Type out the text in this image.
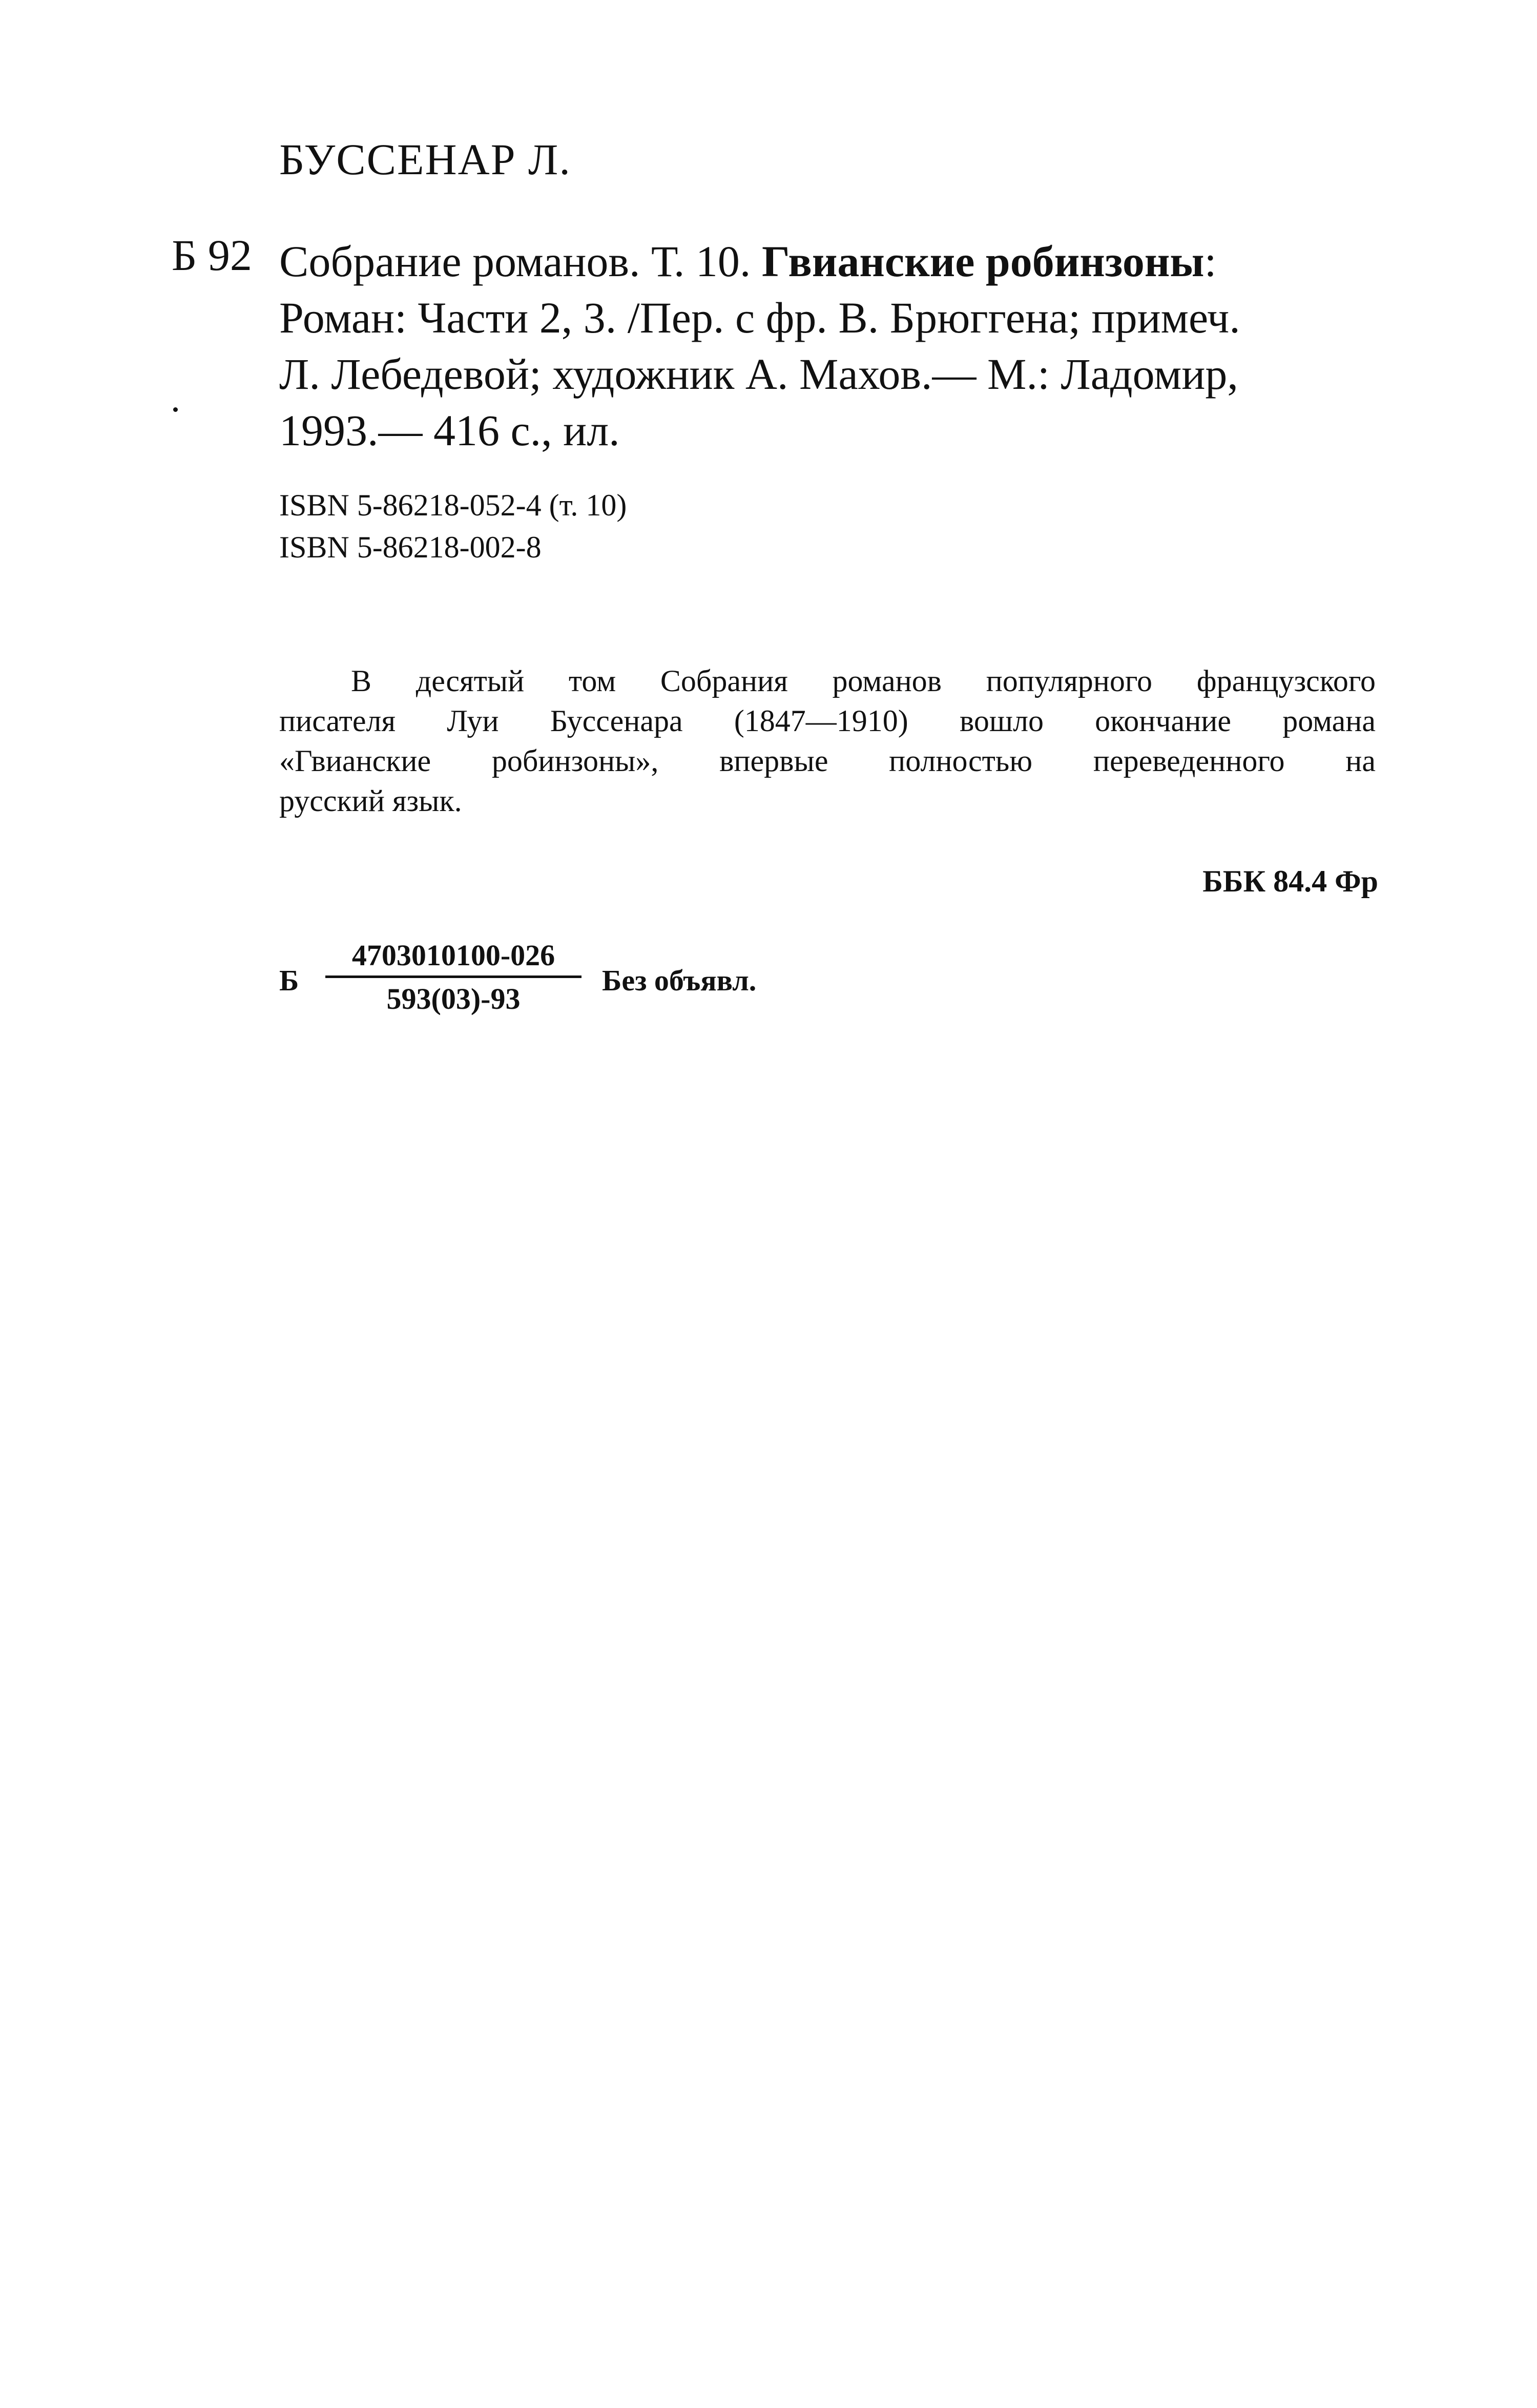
БУССЕНАР Л.
Б 92 Собрание романов. Т. 10. Гвианские робинзоны:
Роман: Части 2, 3. /Пер. с фр. В. Брюггена; примеч.
Л. Лебедевой; художник А. Махов.— М.: Ладомир,
1993.— 416 с., ил.
ISBN 5-86218-052-4 (т. 10)
ISBN 5-86218-002-8
В десятый том Собрания романов популярного французского
писателя Луи Буссенара (1847—1910) вошло окончание романа
«Гвианские робинзоны», впервые полностью переведенного на
русский язык.
ББК 84.4 Фр
Б
4703010100-026
593(03)-93
Без объявл.
